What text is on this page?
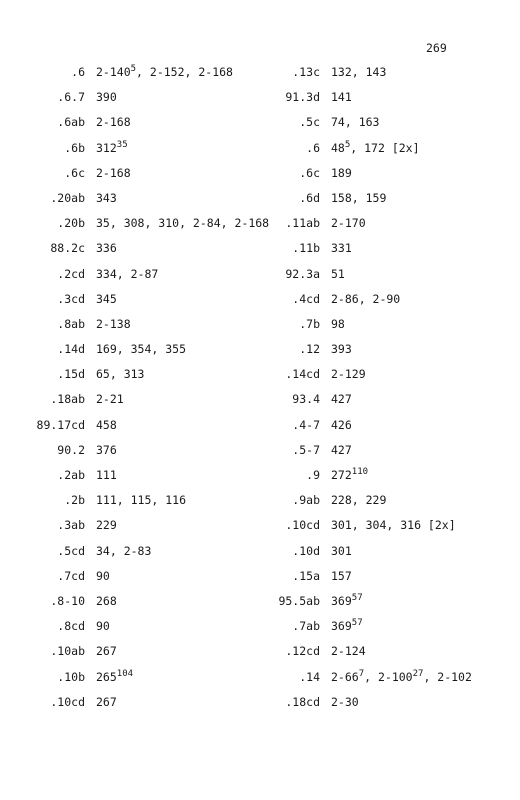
269
.6 $2-140^5$, 2-152, 2-168
.6.7 390
.6ab 2-168
.6b $312^{35}$
.6c 2-168
.20ab 343
.20b 35, 308, 310, 2-84, 2-168
88.2c 336
.2cd 334, 2-87
.3cd 345
.8ab 2-138
.14d 169, 354, 355
.15d 65, 313
.18ab 2-21
89.17cd 458
90.2 376
.2ab 111
.2b 111, 115, 116
.3ab 229
.5cd 34, 2-83
.7cd 90
.8-10 268
.8cd 90
.10ab 267
.10b $265^{104}$
.10cd 267
.13c 132, 143
91.3d 141
.5c 74, 163
.6 $48^5$, 172 [2x]
.6c 189
.6d 158, 159
.11ab 2-170
.11b 331
92.3a 51
.4cd 2-86, 2-90
.7b 98
.12 393
.14cd 2-129
93.4 427
.4-7 426
.5-7 427
.9 $272^{110}$
.9ab 228, 229
.10cd 301, 304, 316 [2x]
.10d 301
.15a 157
95.5ab $369^{57}$
.7ab $369^{57}$
.12cd 2-124
.14 $2-66^7$, $2-100^{27}$, 2-102
.18cd 2-30
